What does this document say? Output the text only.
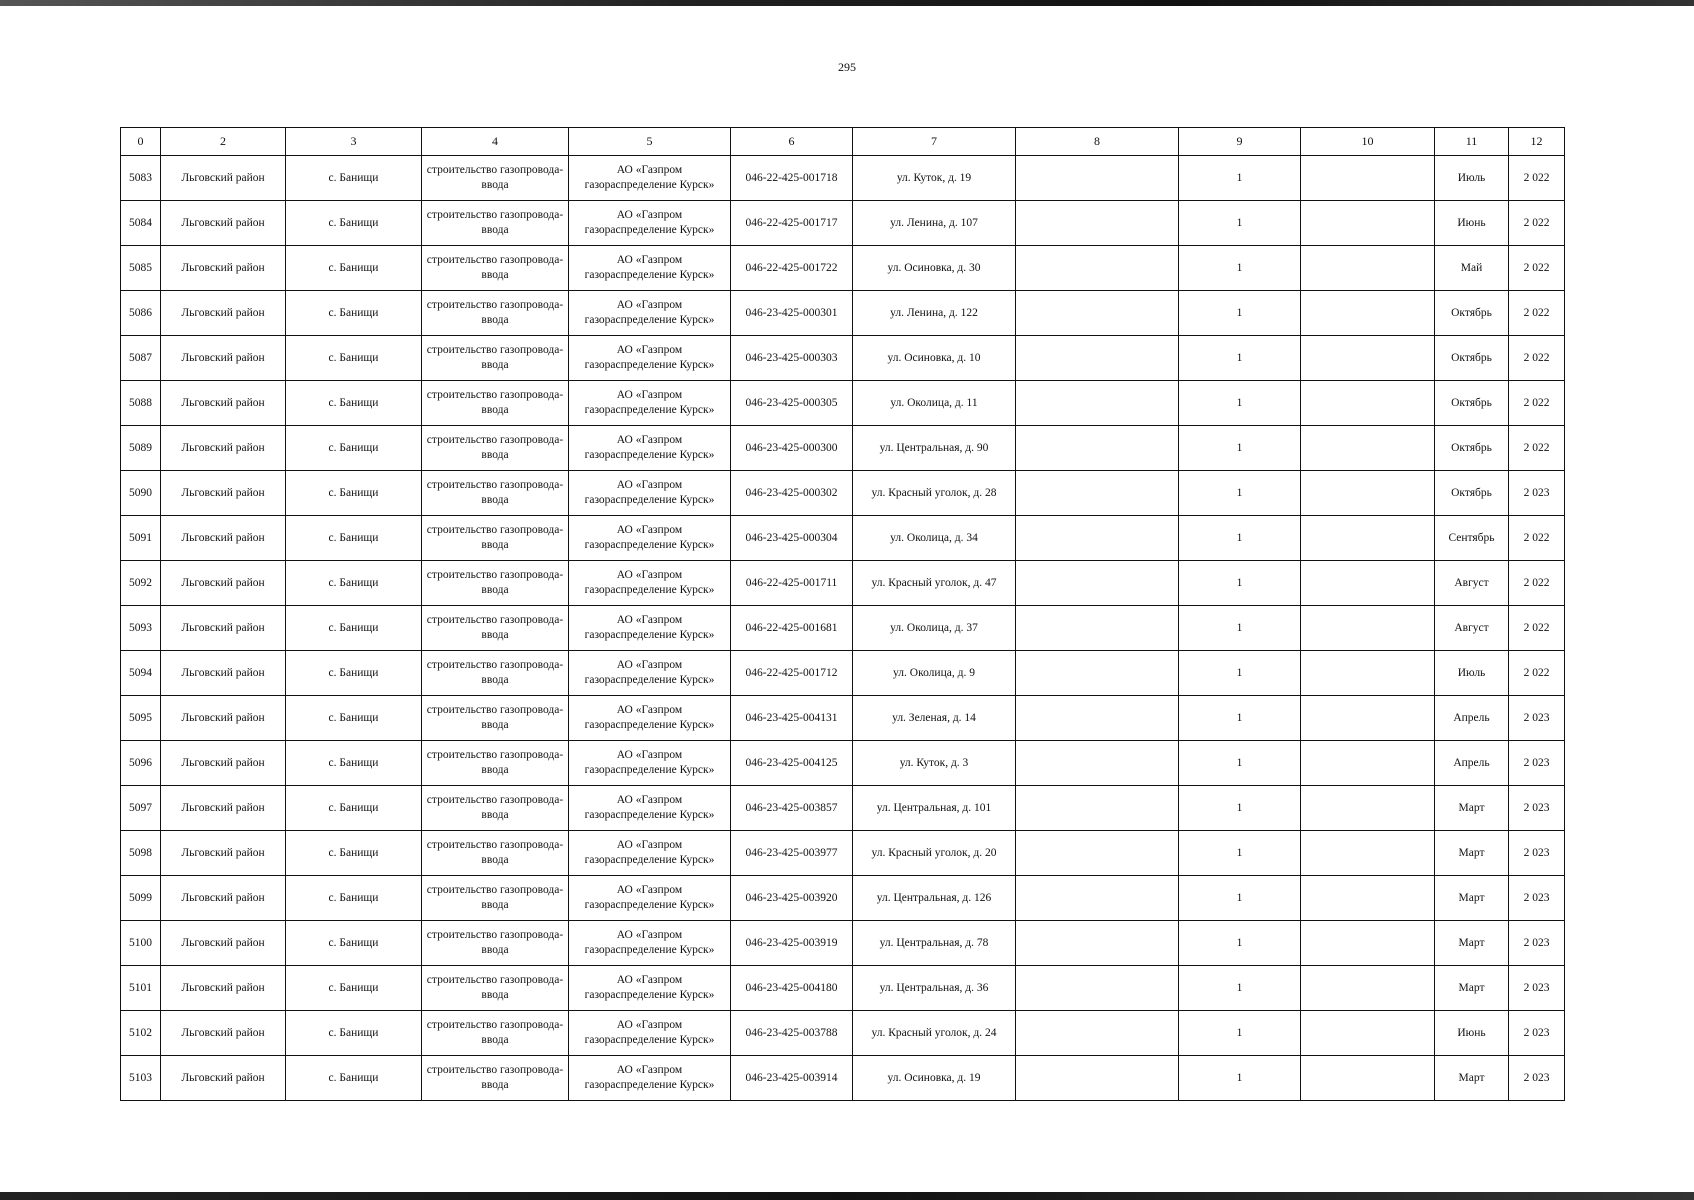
295
0	2	3	4	5	6	7	8	9	10	11	12
5083	Льговский район	с. Банищи	строительство газопровода-ввода	АО «Газпром газораспределение Курск»	046-22-425-001718	ул. Куток, д. 19		1		Июль	2 022
5084	Льговский район	с. Банищи	строительство газопровода-ввода	АО «Газпром газораспределение Курск»	046-22-425-001717	ул. Ленина, д. 107		1		Июнь	2 022
5085	Льговский район	с. Банищи	строительство газопровода-ввода	АО «Газпром газораспределение Курск»	046-22-425-001722	ул. Осиновка, д. 30		1		Май	2 022
5086	Льговский район	с. Банищи	строительство газопровода-ввода	АО «Газпром газораспределение Курск»	046-23-425-000301	ул. Ленина, д. 122		1		Октябрь	2 022
5087	Льговский район	с. Банищи	строительство газопровода-ввода	АО «Газпром газораспределение Курск»	046-23-425-000303	ул. Осиновка, д. 10		1		Октябрь	2 022
5088	Льговский район	с. Банищи	строительство газопровода-ввода	АО «Газпром газораспределение Курск»	046-23-425-000305	ул. Околица, д. 11		1		Октябрь	2 022
5089	Льговский район	с. Банищи	строительство газопровода-ввода	АО «Газпром газораспределение Курск»	046-23-425-000300	ул. Центральная, д. 90		1		Октябрь	2 022
5090	Льговский район	с. Банищи	строительство газопровода-ввода	АО «Газпром газораспределение Курск»	046-23-425-000302	ул. Красный уголок, д. 28		1		Октябрь	2 023
5091	Льговский район	с. Банищи	строительство газопровода-ввода	АО «Газпром газораспределение Курск»	046-23-425-000304	ул. Околица, д. 34		1		Сентябрь	2 022
5092	Льговский район	с. Банищи	строительство газопровода-ввода	АО «Газпром газораспределение Курск»	046-22-425-001711	ул. Красный уголок, д. 47		1		Август	2 022
5093	Льговский район	с. Банищи	строительство газопровода-ввода	АО «Газпром газораспределение Курск»	046-22-425-001681	ул. Околица, д. 37		1		Август	2 022
5094	Льговский район	с. Банищи	строительство газопровода-ввода	АО «Газпром газораспределение Курск»	046-22-425-001712	ул. Околица, д. 9		1		Июль	2 022
5095	Льговский район	с. Банищи	строительство газопровода-ввода	АО «Газпром газораспределение Курск»	046-23-425-004131	ул. Зеленая, д. 14		1		Апрель	2 023
5096	Льговский район	с. Банищи	строительство газопровода-ввода	АО «Газпром газораспределение Курск»	046-23-425-004125	ул. Куток, д. 3		1		Апрель	2 023
5097	Льговский район	с. Банищи	строительство газопровода-ввода	АО «Газпром газораспределение Курск»	046-23-425-003857	ул. Центральная, д. 101		1		Март	2 023
5098	Льговский район	с. Банищи	строительство газопровода-ввода	АО «Газпром газораспределение Курск»	046-23-425-003977	ул. Красный уголок, д. 20		1		Март	2 023
5099	Льговский район	с. Банищи	строительство газопровода-ввода	АО «Газпром газораспределение Курск»	046-23-425-003920	ул. Центральная, д. 126		1		Март	2 023
5100	Льговский район	с. Банищи	строительство газопровода-ввода	АО «Газпром газораспределение Курск»	046-23-425-003919	ул. Центральная, д. 78		1		Март	2 023
5101	Льговский район	с. Банищи	строительство газопровода-ввода	АО «Газпром газораспределение Курск»	046-23-425-004180	ул. Центральная, д. 36		1		Март	2 023
5102	Льговский район	с. Банищи	строительство газопровода-ввода	АО «Газпром газораспределение Курск»	046-23-425-003788	ул. Красный уголок, д. 24		1		Июнь	2 023
5103	Льговский район	с. Банищи	строительство газопровода-ввода	АО «Газпром газораспределение Курск»	046-23-425-003914	ул. Осиновка, д. 19		1		Март	2 023
